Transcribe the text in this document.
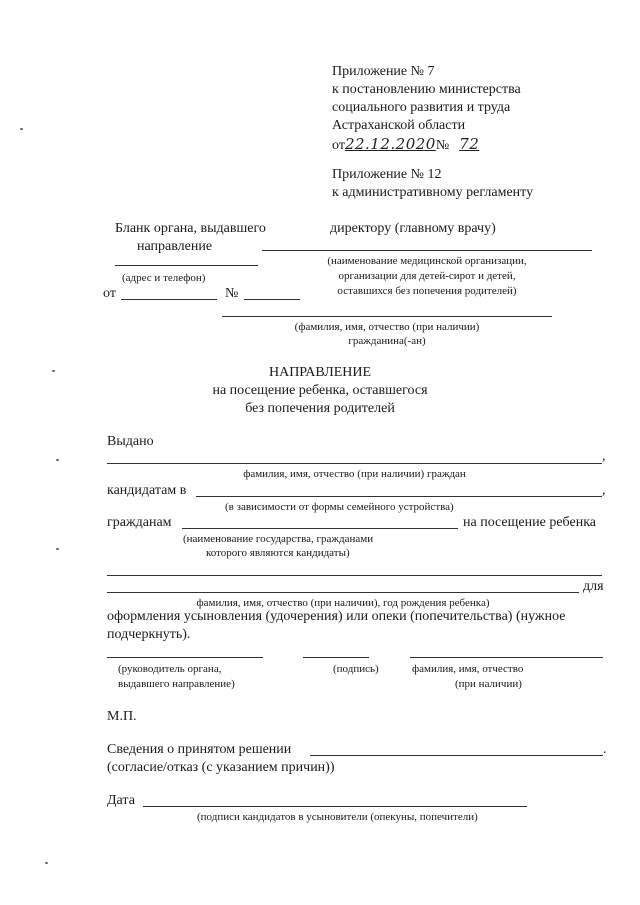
Приложение № 7
к постановлению министерства
социального развития и труда
Астраханской области
от22.12.2020№ 72
Приложение № 12
к административному регламенту
Бланк органа, выдавшего
направление
(адрес и телефон)
от	№
директору (главному врачу)
(наименование медицинской организации,
организации для детей-сирот и детей,
оставшихся без попечения родителей)
(фамилия, имя, отчество (при наличии)
гражданина(-ан)
НАПРАВЛЕНИЕ
на посещение ребенка, оставшегося
без попечения родителей
Выдано
,
фамилия, имя, отчество (при наличии) граждан
кандидатам в	,
(в зависимости от формы семейного устройства)
гражданам	на посещение ребенка
(наименование государства, гражданами
которого являются кандидаты)
для
фамилия, имя, отчество (при наличии), год рождения ребенка)
оформления усыновления (удочерения) или опеки (попечительства) (нужное
подчеркнуть).
(руководитель органа,
выдавшего направление)
(подпись)	фамилия, имя, отчество
(при наличии)
М.П.
Сведения о принятом решении	.
(согласие/отказ (с указанием причин))
Дата
(подписи кандидатов в усыновители (опекуны, попечители)
